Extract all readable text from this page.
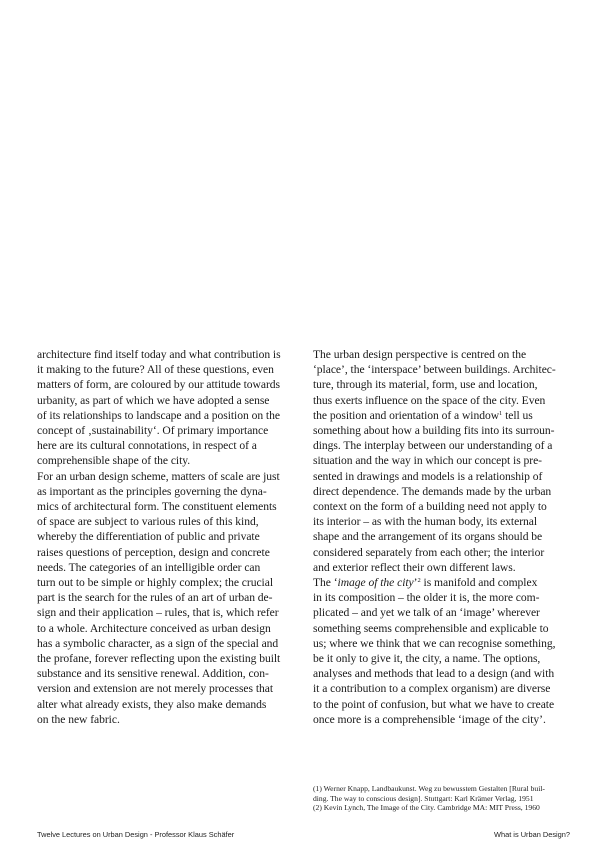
architecture find itself today and what contribution is
it making to the future? All of these questions, even
matters of form, are coloured by our attitude towards
urbanity, as part of which we have adopted a sense
of its relationships to landscape and a position on the
concept of ‚sustainability‘. Of primary importance
here are its cultural connotations, in respect of a
comprehensible shape of the city.
For an urban design scheme, matters of scale are just
as important as the principles governing the dyna-
mics of architectural form. The constituent elements
of space are subject to various rules of this kind,
whereby the differentiation of public and private
raises questions of perception, design and concrete
needs. The categories of an intelligible order can
turn out to be simple or highly complex; the crucial
part is the search for the rules of an art of urban de-
sign and their application – rules, that is, which refer
to a whole. Architecture conceived as urban design
has a symbolic character, as a sign of the special and
the profane, forever reflecting upon the existing built
substance and its sensitive renewal. Addition, con-
version and extension are not merely processes that
alter what already exists, they also make demands
on the new fabric.
The urban design perspective is centred on the
‘place’, the ‘interspace’ between buildings. Architec-
ture, through its material, form, use and location,
thus exerts influence on the space of the city. Even
the position and orientation of a window$^1$ tell us
something about how a building fits into its surroun-
dings. The interplay between our understanding of a
situation and the way in which our concept is pre-
sented in drawings and models is a relationship of
direct dependence. The demands made by the urban
context on the form of a building need not apply to
its interior – as with the human body, its external
shape and the arrangement of its organs should be
considered separately from each other; the interior
and exterior reflect their own different laws.
The ‘image of the city’$^2$ is manifold and complex
in its composition – the older it is, the more com-
plicated – and yet we talk of an ‘image’ wherever
something seems comprehensible and explicable to
us; where we think that we can recognise something,
be it only to give it, the city, a name. The options,
analyses and methods that lead to a design (and with
it a contribution to a complex organism) are diverse
to the point of confusion, but what we have to create
once more is a comprehensible ‘image of the city’.
(1) Werner Knapp, Landbaukunst. Weg zu bewusstem Gestalten [Rural buil-
ding. The way to conscious design]. Stuttgart: Karl Krämer Verlag, 1951
(2) Kevin Lynch, The Image of the City. Cambridge MA: MIT Press, 1960
Twelve Lectures on Urban Design - Professor Klaus Schäfer	What is Urban Design?
